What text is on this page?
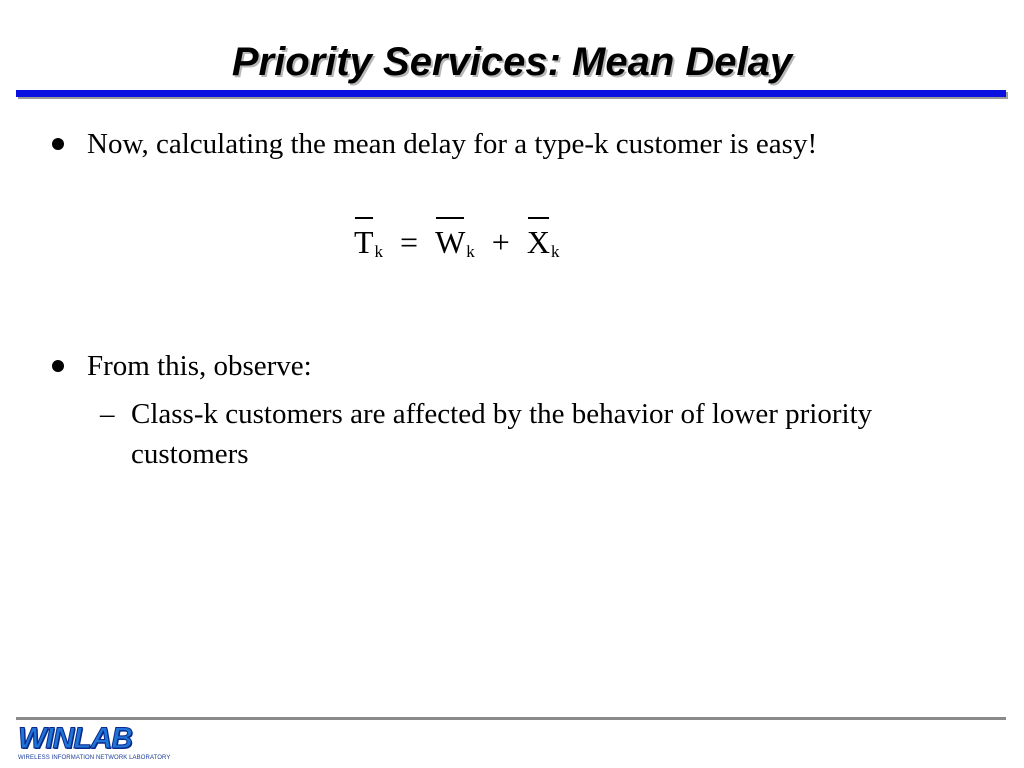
Priority Services: Mean Delay
Now, calculating the mean delay for a type-k customer is easy!
Tk = Wk + Xk
From this, observe:
– Class-k customers are affected by the behavior of lower priority customers
WINLAB
WIRELESS INFORMATION NETWORK LABORATORY
